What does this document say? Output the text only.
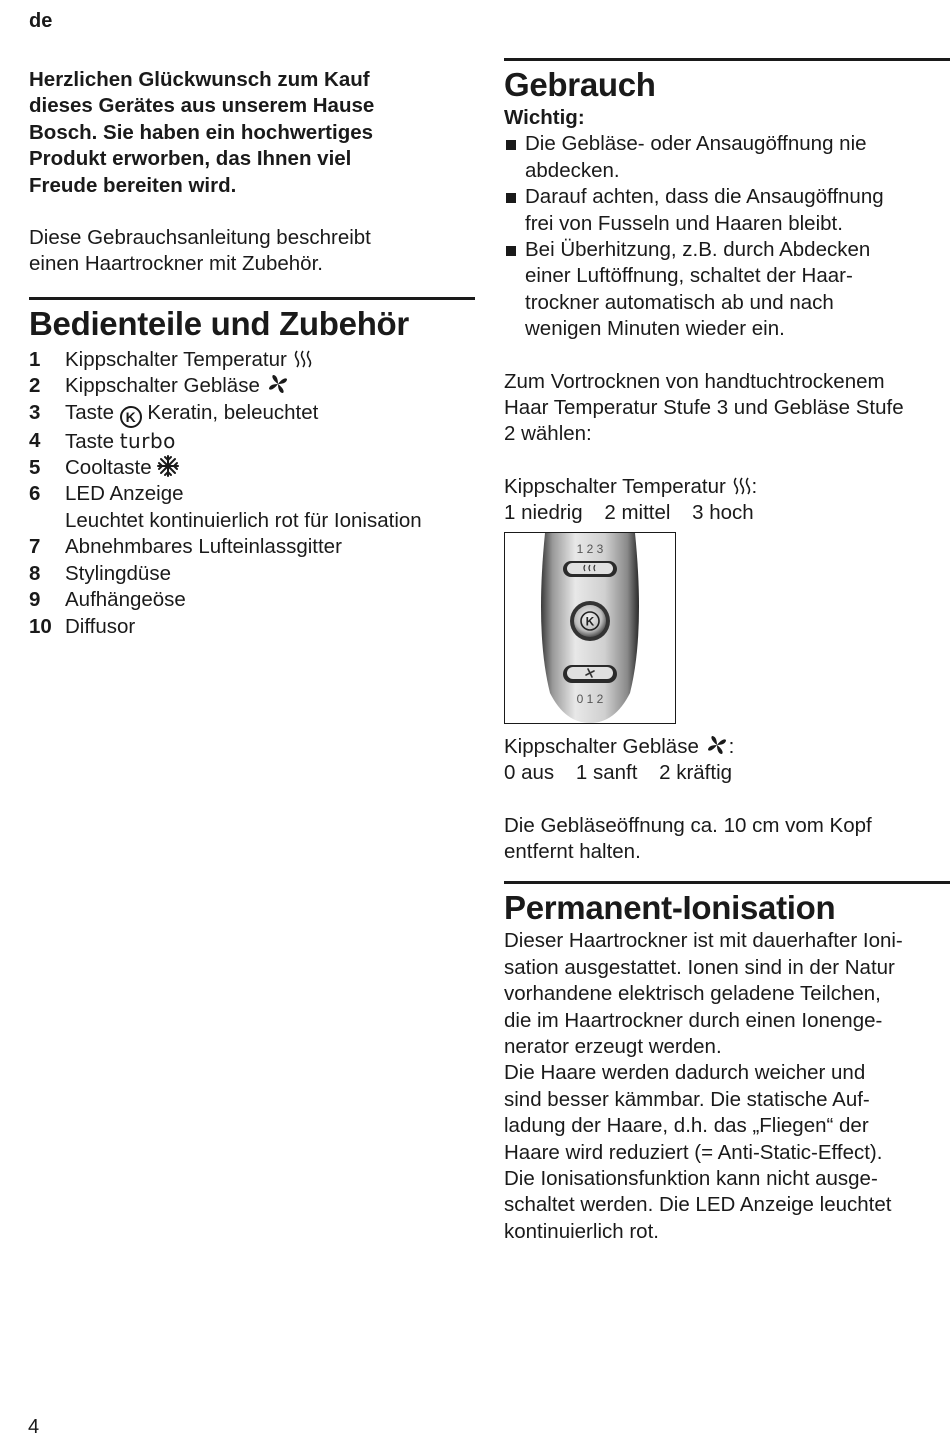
de

Herzlichen Glückwunsch zum Kauf
dieses Gerätes aus unserem Hause
Bosch. Sie haben ein hochwertiges
Produkt erworben, das Ihnen viel
Freude bereiten wird.

Diese Gebrauchsanleitung beschreibt
einen Haartrockner mit Zubehör.

Bedienteile und Zubehör
1 Kippschalter Temperatur
2 Kippschalter Gebläse
3 Taste K Keratin, beleuchtet
4 Taste turbo
5 Cooltaste
6 LED Anzeige
Leuchtet kontinuierlich rot für Ionisation
7 Abnehmbares Lufteinlassgitter
8 Stylingdüse
9 Aufhängeöse
10 Diffusor
Gebrauch

Wichtig:

Die Gebläse- oder Ansaugöffnung nie
abdecken.
Darauf achten, dass die Ansaugöffnung
frei von Fusseln und Haaren bleibt.
Bei Überhitzung, z.B. durch Abdecken
einer Luftöffnung, schaltet der Haar-
trockner automatisch ab und nach
wenigen Minuten wieder ein.

Zum Vortrocknen von handtuchtrockenem
Haar Temperatur Stufe 3 und Gebläse Stufe
2 wählen:

Kippschalter Temperatur :
1 niedrig 2 mittel 3 hoch

1 2 3
K
0 1 2

Kippschalter Gebläse :
0 aus 1 sanft 2 kräftig

Die Gebläseöffnung ca. 10 cm vom Kopf
entfernt halten.

Permanent-Ionisation

Dieser Haartrockner ist mit dauerhafter Ioni-
sation ausgestattet. Ionen sind in der Natur
vorhandene elektrisch geladene Teilchen,
die im Haartrockner durch einen Ionenge-
nerator erzeugt werden.
Die Haare werden dadurch weicher und
sind besser kämmbar. Die statische Auf-
ladung der Haare, d.h. das „Fliegen“ der
Haare wird reduziert (= Anti-Static-Effect).
Die Ionisationsfunktion kann nicht ausge-
schaltet werden. Die LED Anzeige leuchtet
kontinuierlich rot.

4
